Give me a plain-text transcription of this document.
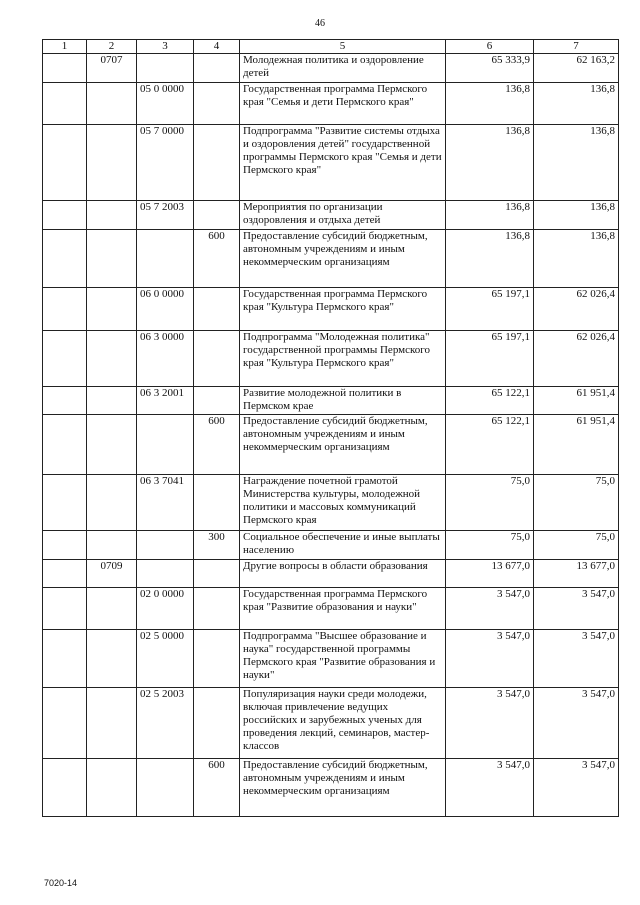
46
1	2	3	4	5	6	7
	0707			Молодежная политика и оздоровление детей	65 333,9	62 163,2
		05 0 0000		Государственная программа Пермского края "Семья и дети Пермского края"	136,8	136,8
		05 7 0000		Подпрограмма "Развитие системы отдыха и оздоровления детей" государственной программы Пермского края "Семья и дети Пермского края"	136,8	136,8
		05 7 2003		Мероприятия по организации оздоровления и отдыха детей	136,8	136,8
			600	Предоставление субсидий бюджетным, автономным учреждениям и иным некоммерческим организациям	136,8	136,8
		06 0 0000		Государственная программа Пермского края "Культура Пермского края"	65 197,1	62 026,4
		06 3 0000		Подпрограмма "Молодежная политика" государственной программы Пермского края "Культура Пермского края"	65 197,1	62 026,4
		06 3 2001		Развитие молодежной политики в Пермском крае	65 122,1	61 951,4
			600	Предоставление субсидий бюджетным, автономным учреждениям и иным некоммерческим организациям	65 122,1	61 951,4
		06 3 7041		Награждение почетной грамотой Министерства культуры, молодежной политики и массовых коммуникаций Пермского края	75,0	75,0
			300	Социальное обеспечение и иные выплаты населению	75,0	75,0
	0709			Другие вопросы в области образования	13 677,0	13 677,0
		02 0 0000		Государственная программа Пермского края "Развитие образования и науки"	3 547,0	3 547,0
		02 5 0000		Подпрограмма "Высшее образование и наука" государственной программы Пермского края "Развитие образования и науки"	3 547,0	3 547,0
		02 5 2003		Популяризация науки среди молодежи, включая привлечение ведущих российских и зарубежных ученых для проведения лекций, семинаров, мастер-классов	3 547,0	3 547,0
			600	Предоставление субсидий бюджетным, автономным учреждениям и иным некоммерческим организациям	3 547,0	3 547,0
7020-14
